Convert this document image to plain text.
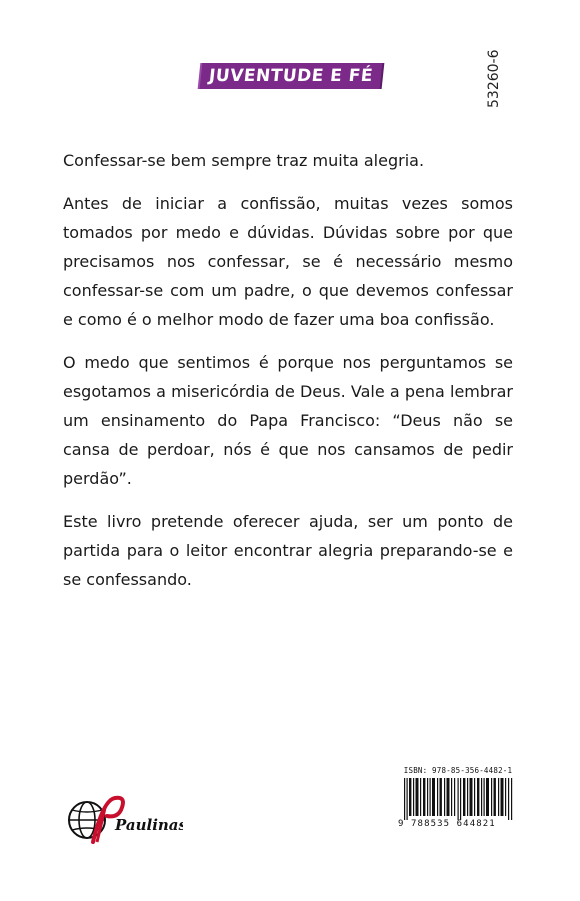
JUVENTUDE E FÉ	53260-6

Confessar-se bem sempre traz muita alegria.

Antes de iniciar a confissão, muitas vezes somos tomados por medo e dúvidas. Dúvidas sobre por que precisamos nos confessar, se é necessário mesmo confessar-se com um padre, o que devemos confessar e como é o melhor modo de fazer uma boa confissão.

O medo que sentimos é porque nos perguntamos se esgotamos a misericórdia de Deus. Vale a pena lembrar um ensinamento do Papa Francisco: “Deus não se cansa de perdoar, nós é que nos cansamos de pedir perdão”.

Este livro pretende oferecer ajuda, ser um ponto de partida para o leitor encontrar alegria preparando-se e se confessando.

Paulinas
ISBN: 978-85-356-4482-1
9 788535 644821
